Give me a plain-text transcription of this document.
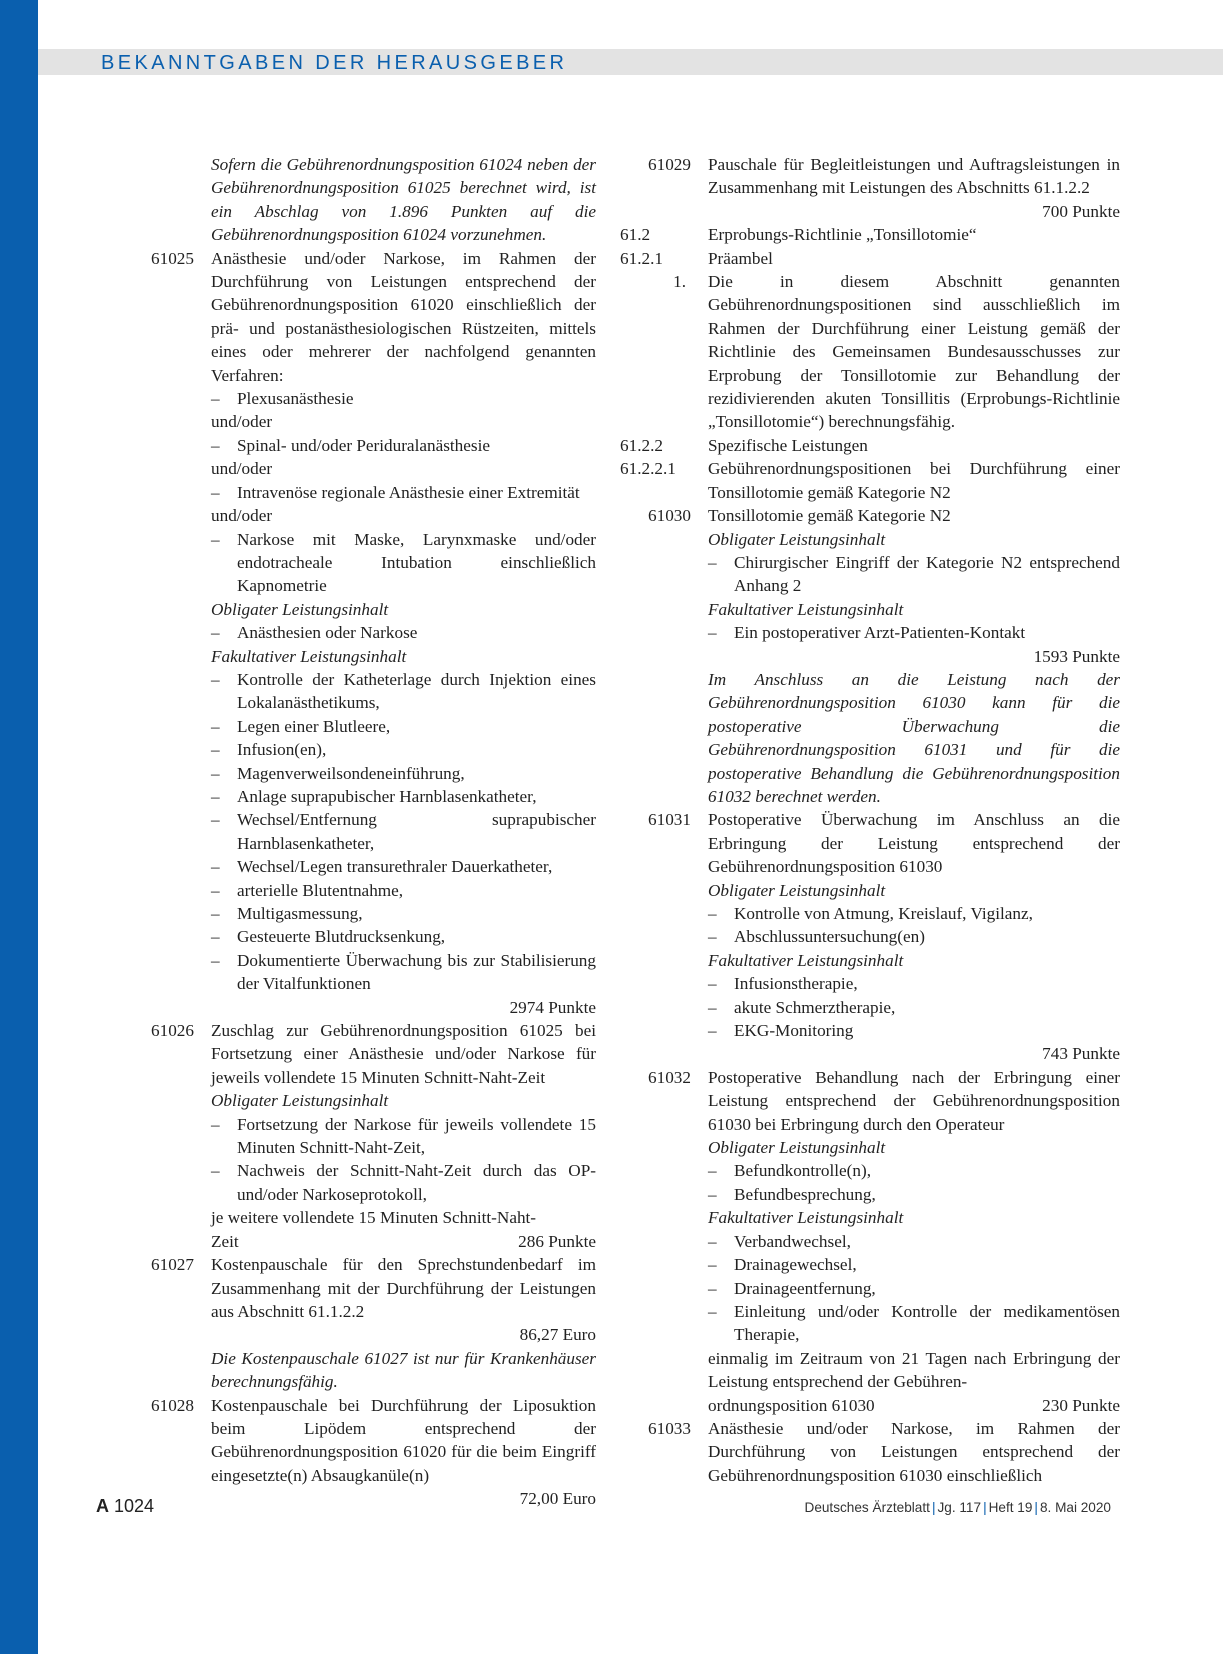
BEKANNTGABEN DER HERAUSGEBER
Sofern die Gebührenordnungsposition 61024 neben der Gebührenordnungsposition 61025 berechnet wird, ist ein Abschlag von 1.896 Punkten auf die Gebührenordnungsposition 61024 vorzunehmen.
61025 Anästhesie und/oder Narkose, im Rahmen der Durchführung von Leistungen entsprechend der Gebührenordnungsposition 61020 einschließlich der prä- und postanästhesiologischen Rüstzeiten, mittels eines oder mehrerer der nachfolgend genannten Verfahren:
–	Plexusanästhesie
und/oder
–	Spinal- und/oder Periduralanästhesie
und/oder
–	Intravenöse regionale Anästhesie einer Extremität
und/oder
–	Narkose mit Maske, Larynxmaske und/oder endotracheale Intubation einschließlich Kapnometrie
Obligater Leistungsinhalt
–	Anästhesien oder Narkose
Fakultativer Leistungsinhalt
–	Kontrolle der Katheterlage durch Injektion eines Lokalanästhetikums,
–	Legen einer Blutleere,
–	Infusion(en),
–	Magenverweilsondeneinführung,
–	Anlage suprapubischer Harnblasenkatheter,
–	Wechsel/Entfernung suprapubischer Harnblasenkatheter,
–	Wechsel/Legen transurethraler Dauerkatheter,
–	arterielle Blutentnahme,
–	Multigasmessung,
–	Gesteuerte Blutdrucksenkung,
–	Dokumentierte Überwachung bis zur Stabilisierung der Vitalfunktionen
2974 Punkte
61026 Zuschlag zur Gebührenordnungsposition 61025 bei Fortsetzung einer Anästhesie und/oder Narkose für jeweils vollendete 15 Minuten Schnitt-Naht-Zeit
Obligater Leistungsinhalt
–	Fortsetzung der Narkose für jeweils vollendete 15 Minuten Schnitt-Naht-Zeit,
–	Nachweis der Schnitt-Naht-Zeit durch das OP- und/oder Narkoseprotokoll,
je weitere vollendete 15 Minuten Schnitt-Naht-
Zeit	286 Punkte
61027 Kostenpauschale für den Sprechstundenbedarf im Zusammenhang mit der Durchführung der Leistungen aus Abschnitt 61.1.2.2
86,27 Euro
Die Kostenpauschale 61027 ist nur für Krankenhäuser berechnungsfähig.
61028 Kostenpauschale bei Durchführung der Liposuktion beim Lipödem entsprechend der Gebührenordnungsposition 61020 für die beim Eingriff eingesetzte(n) Absaugkanüle(n)
72,00 Euro
61029 Pauschale für Begleitleistungen und Auftragsleistungen in Zusammenhang mit Leistungen des Abschnitts 61.1.2.2
700 Punkte
61.2	Erprobungs-Richtlinie „Tonsillotomie“
61.2.1	Präambel
1.	Die in diesem Abschnitt genannten Gebührenordnungspositionen sind ausschließlich im Rahmen der Durchführung einer Leistung gemäß der Richtlinie des Gemeinsamen Bundesausschusses zur Erprobung der Tonsillotomie zur Behandlung der rezidivierenden akuten Tonsillitis (Erprobungs-Richtlinie „Tonsillotomie“) berechnungsfähig.
61.2.2	Spezifische Leistungen
61.2.2.1	Gebührenordnungspositionen bei Durchführung einer Tonsillotomie gemäß Kategorie N2
61030 Tonsillotomie gemäß Kategorie N2
Obligater Leistungsinhalt
–	Chirurgischer Eingriff der Kategorie N2 entsprechend Anhang 2
Fakultativer Leistungsinhalt
–	Ein postoperativer Arzt-Patienten-Kontakt
1593 Punkte
Im Anschluss an die Leistung nach der Gebührenordnungsposition 61030 kann für die postoperative Überwachung die Gebührenordnungsposition 61031 und für die postoperative Behandlung die Gebührenordnungsposition 61032 berechnet werden.
61031 Postoperative Überwachung im Anschluss an die Erbringung der Leistung entsprechend der Gebührenordnungsposition 61030
Obligater Leistungsinhalt
–	Kontrolle von Atmung, Kreislauf, Vigilanz,
–	Abschlussuntersuchung(en)
Fakultativer Leistungsinhalt
–	Infusionstherapie,
–	akute Schmerztherapie,
–	EKG-Monitoring
743 Punkte
61032 Postoperative Behandlung nach der Erbringung einer Leistung entsprechend der Gebührenordnungsposition 61030 bei Erbringung durch den Operateur
Obligater Leistungsinhalt
–	Befundkontrolle(n),
–	Befundbesprechung,
Fakultativer Leistungsinhalt
–	Verbandwechsel,
–	Drainagewechsel,
–	Drainageentfernung,
–	Einleitung und/oder Kontrolle der medikamentösen Therapie,
einmalig im Zeitraum von 21 Tagen nach Erbringung der Leistung entsprechend der Gebühren-
ordnungsposition 61030	230 Punkte
61033 Anästhesie und/oder Narkose, im Rahmen der Durchführung von Leistungen entsprechend der Gebührenordnungsposition 61030 einschließlich
A 1024	Deutsches Ärzteblatt | Jg. 117 | Heft 19 | 8. Mai 2020
